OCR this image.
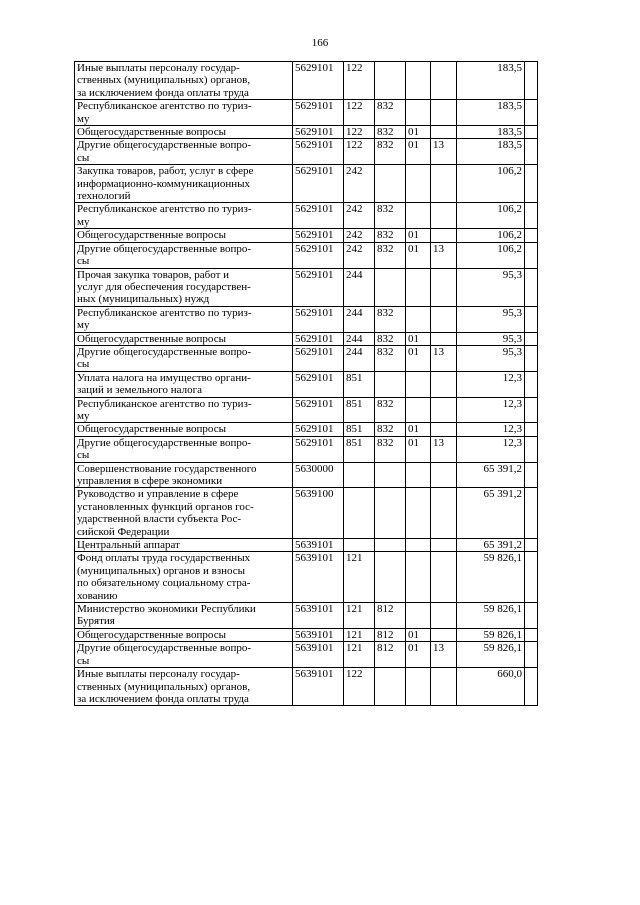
166
Иные выплаты персоналу государ-
ственных (муниципальных) органов,
за исключением фонда оплаты труда	5629101	122				183,5	
Республиканское агентство по туриз-
му	5629101	122	832			183,5	
Общегосударственные вопросы	5629101	122	832	01		183,5	
Другие общегосударственные вопро-
сы	5629101	122	832	01	13	183,5	
Закупка товаров, работ, услуг в сфере
информационно-коммуникационных
технологий	5629101	242				106,2	
Республиканское агентство по туриз-
му	5629101	242	832			106,2	
Общегосударственные вопросы	5629101	242	832	01		106,2	
Другие общегосударственные вопро-
сы	5629101	242	832	01	13	106,2	
Прочая закупка товаров, работ и
услуг для обеспечения государствен-
ных (муниципальных) нужд	5629101	244				95,3	
Республиканское агентство по туриз-
му	5629101	244	832			95,3	
Общегосударственные вопросы	5629101	244	832	01		95,3	
Другие общегосударственные вопро-
сы	5629101	244	832	01	13	95,3	
Уплата налога на имущество органи-
заций и земельного налога	5629101	851				12,3	
Республиканское агентство по туриз-
му	5629101	851	832			12,3	
Общегосударственные вопросы	5629101	851	832	01		12,3	
Другие общегосударственные вопро-
сы	5629101	851	832	01	13	12,3	
Совершенствование государственного
управления в сфере экономики	5630000					65 391,2	
Руководство и управление в сфере
установленных функций органов гос-
ударственной власти субъекта Рос-
сийской Федерации	5639100					65 391,2	
Центральный аппарат	5639101					65 391,2	
Фонд оплаты труда государственных
(муниципальных) органов и взносы
по обязательному социальному стра-
хованию	5639101	121				59 826,1	
Министерство экономики Республики
Бурятия	5639101	121	812			59 826,1	
Общегосударственные вопросы	5639101	121	812	01		59 826,1	
Другие общегосударственные вопро-
сы	5639101	121	812	01	13	59 826,1	
Иные выплаты персоналу государ-
ственных (муниципальных) органов,
за исключением фонда оплаты труда	5639101	122				660,0	
